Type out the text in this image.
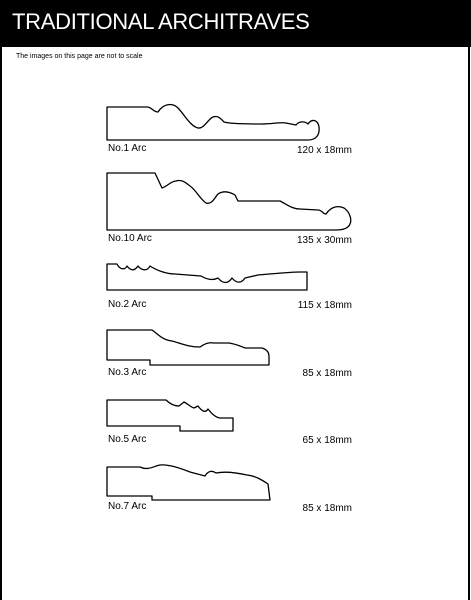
TRADITIONAL ARCHITRAVES
The images on this page are not to scale
No.1 Arc	120 x 18mm
No.10 Arc	135 x 30mm
No.2 Arc	115 x 18mm
No.3 Arc	85 x 18mm
No.5 Arc	65 x 18mm
No.7 Arc	85 x 18mm
